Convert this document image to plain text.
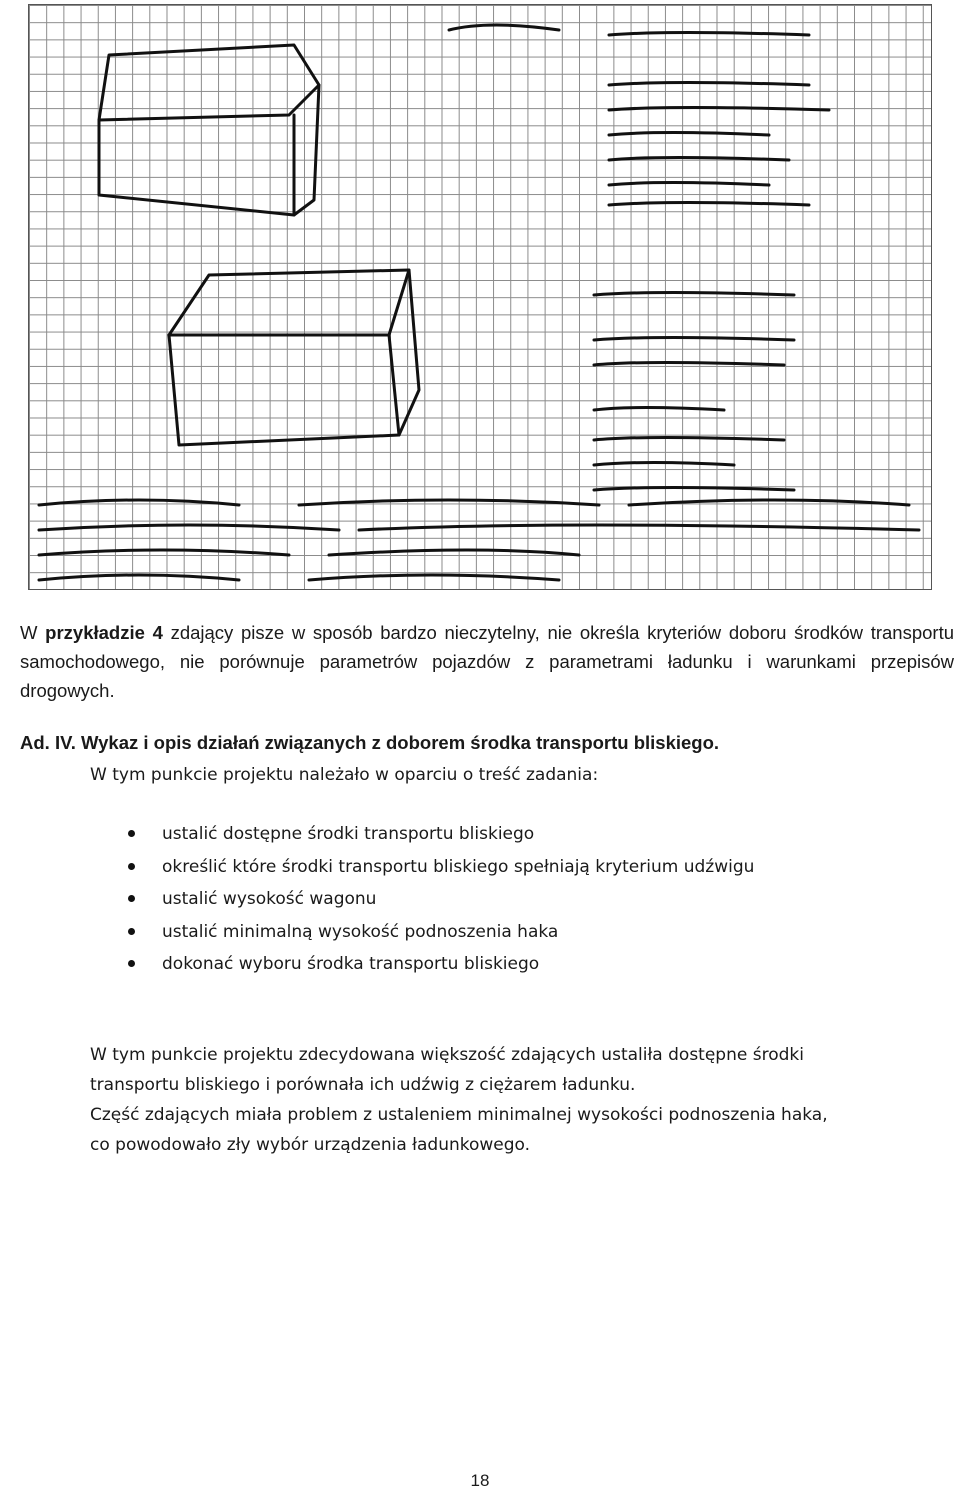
W przykładzie 4 zdający pisze w sposób bardzo nieczytelny, nie określa kryteriów doboru środków transportu samochodowego, nie porównuje parametrów pojazdów z parametrami ładunku i warunkami przepisów drogowych.

Ad. IV. Wykaz i opis działań związanych z doborem środka transportu bliskiego.

W tym punkcie projektu należało w oparciu o treść zadania:

ustalić dostępne środki transportu bliskiego
określić które środki transportu bliskiego spełniają kryterium udźwigu
ustalić wysokość wagonu
ustalić minimalną wysokość podnoszenia haka
dokonać wyboru środka transportu bliskiego

W tym punkcie projektu zdecydowana większość zdających ustaliła dostępne środki
transportu bliskiego i porównała ich udźwig z ciężarem ładunku.
Część zdających miała problem z ustaleniem minimalnej wysokości podnoszenia haka,
co powodowało zły wybór urządzenia ładunkowego.

18
